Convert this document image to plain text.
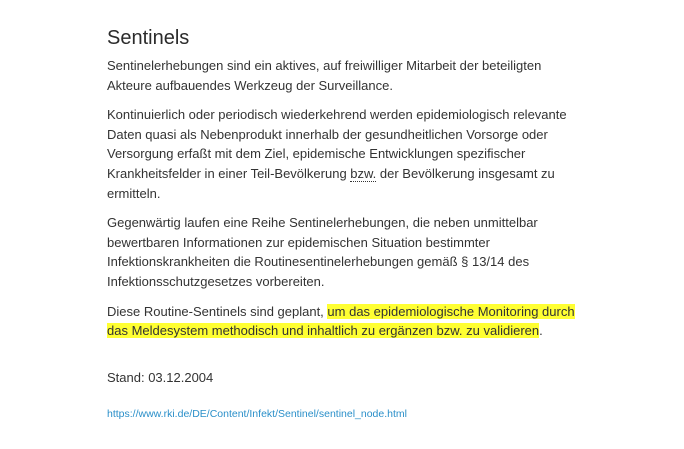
Sentinels

Sentinelerhebungen sind ein aktives, auf freiwilliger Mitarbeit der beteiligten Akteure aufbauendes Werkzeug der Surveillance.

Kontinuierlich oder periodisch wiederkehrend werden epidemiologisch relevante Daten quasi als Nebenprodukt innerhalb der gesundheitlichen Vorsorge oder Versorgung erfaßt mit dem Ziel, epidemische Entwicklungen spezifischer Krankheitsfelder in einer Teil-Bevölkerung bzw. der Bevölkerung insgesamt zu ermitteln.

Gegenwärtig laufen eine Reihe Sentinelerhebungen, die neben unmittelbar bewertbaren Informationen zur epidemischen Situation bestimmter Infektionskrankheiten die Routinesentinelerhebungen gemäß § 13/14 des Infektionsschutzgesetzes vorbereiten.

Diese Routine-Sentinels sind geplant, um das epidemiologische Monitoring durch das Meldesystem methodisch und inhaltlich zu ergänzen bzw. zu validieren.

Stand: 03.12.2004

https://www.rki.de/DE/Content/Infekt/Sentinel/sentinel_node.html
